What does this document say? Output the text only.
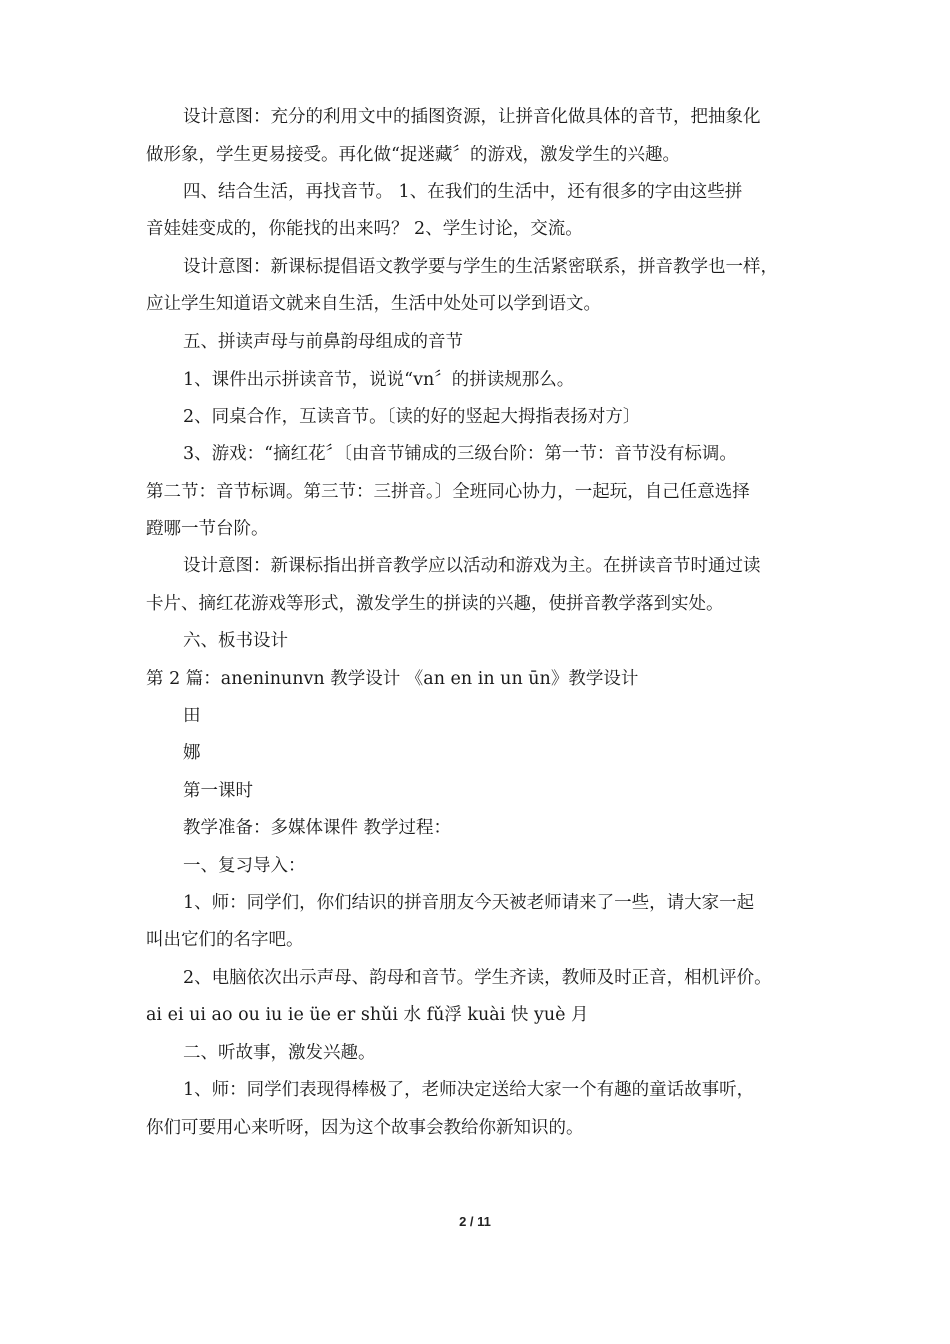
设计意图：充分的利用文中的插图资源，让拼音化做具体的音节，把抽象化
做形象，学生更易接受。再化做“捉迷藏〞的游戏，激发学生的兴趣。
四、结合生活，再找音节。 1、在我们的生活中，还有很多的字由这些拼
音娃娃变成的，你能找的出来吗？ 2、学生讨论，交流。
设计意图：新课标提倡语文教学要与学生的生活紧密联系，拼音教学也一样，
应让学生知道语文就来自生活，生活中处处可以学到语文。
五、拼读声母与前鼻韵母组成的音节
1、课件出示拼读音节，说说“vn〞的拼读规那么。
2、同桌合作，互读音节。〔读的好的竖起大拇指表扬对方〕
3、游戏：“摘红花〞〔由音节铺成的三级台阶：第一节：音节没有标调。
第二节：音节标调。第三节：三拼音。〕全班同心协力，一起玩，自己任意选择
蹬哪一节台阶。
设计意图：新课标指出拼音教学应以活动和游戏为主。在拼读音节时通过读
卡片、摘红花游戏等形式，激发学生的拼读的兴趣，使拼音教学落到实处。
六、板书设计
第 2 篇：aneninunvn 教学设计 《an en in un ūn》教学设计
田
娜
第一课时
教学准备：多媒体课件 教学过程：
一、复习导入：
1、师：同学们，你们结识的拼音朋友今天被老师请来了一些，请大家一起
叫出它们的名字吧。
2、电脑依次出示声母、韵母和音节。学生齐读，教师及时正音，相机评价。
ai ei ui ao ou iu ie üe er shǔi 水 fǔ浮 kuài 快 yuè 月
二、听故事，激发兴趣。
1、师：同学们表现得棒极了，老师决定送给大家一个有趣的童话故事听，
你们可要用心来听呀，因为这个故事会教给你新知识的。
2 / 11
